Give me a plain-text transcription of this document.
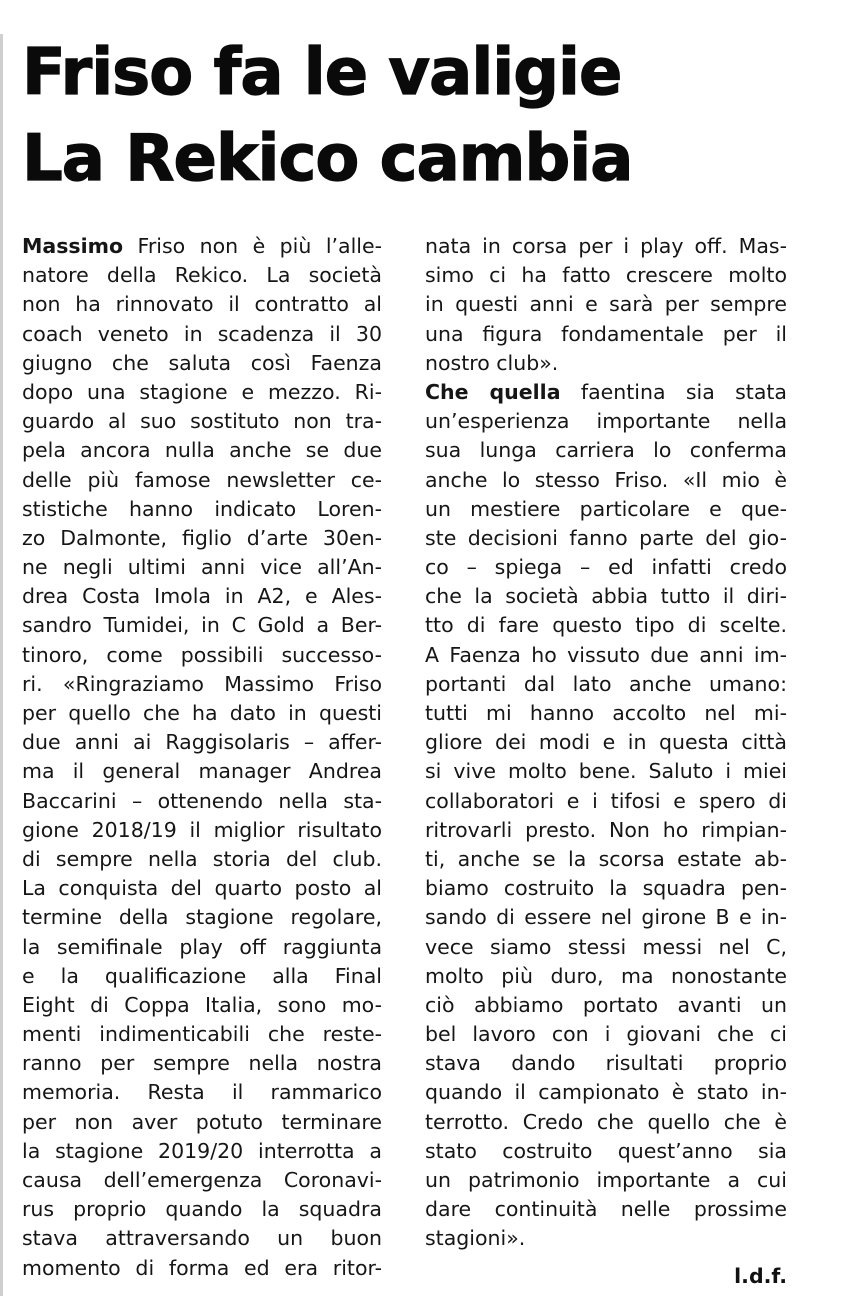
Friso fa le valigie
La Rekico cambia
Massimo Friso non è più l’alle-
natore della Rekico. La società
non ha rinnovato il contratto al
coach veneto in scadenza il 30
giugno che saluta così Faenza
dopo una stagione e mezzo. Ri-
guardo al suo sostituto non tra-
pela ancora nulla anche se due
delle più famose newsletter ce-
stistiche hanno indicato Loren-
zo Dalmonte, figlio d’arte 30en-
ne negli ultimi anni vice all’An-
drea Costa Imola in A2, e Ales-
sandro Tumidei, in C Gold a Ber-
tinoro, come possibili successo-
ri. «Ringraziamo Massimo Friso
per quello che ha dato in questi
due anni ai Raggisolaris – affer-
ma il general manager Andrea
Baccarini – ottenendo nella sta-
gione 2018/19 il miglior risultato
di sempre nella storia del club.
La conquista del quarto posto al
termine della stagione regolare,
la semifinale play off raggiunta
e la qualificazione alla Final
Eight di Coppa Italia, sono mo-
menti indimenticabili che reste-
ranno per sempre nella nostra
memoria. Resta il rammarico
per non aver potuto terminare
la stagione 2019/20 interrotta a
causa dell’emergenza Coronavi-
rus proprio quando la squadra
stava attraversando un buon
momento di forma ed era ritor-
nata in corsa per i play off. Mas-
simo ci ha fatto crescere molto
in questi anni e sarà per sempre
una figura fondamentale per il
nostro club».
Che quella faentina sia stata
un’esperienza importante nella
sua lunga carriera lo conferma
anche lo stesso Friso. «Il mio è
un mestiere particolare e que-
ste decisioni fanno parte del gio-
co – spiega – ed infatti credo
che la società abbia tutto il diri-
tto di fare questo tipo di scelte.
A Faenza ho vissuto due anni im-
portanti dal lato anche umano:
tutti mi hanno accolto nel mi-
gliore dei modi e in questa città
si vive molto bene. Saluto i miei
collaboratori e i tifosi e spero di
ritrovarli presto. Non ho rimpian-
ti, anche se la scorsa estate ab-
biamo costruito la squadra pen-
sando di essere nel girone B e in-
vece siamo stessi messi nel C,
molto più duro, ma nonostante
ciò abbiamo portato avanti un
bel lavoro con i giovani che ci
stava dando risultati proprio
quando il campionato è stato in-
terrotto. Credo che quello che è
stato costruito quest’anno sia
un patrimonio importante a cui
dare continuità nelle prossime
stagioni».
l.d.f.
